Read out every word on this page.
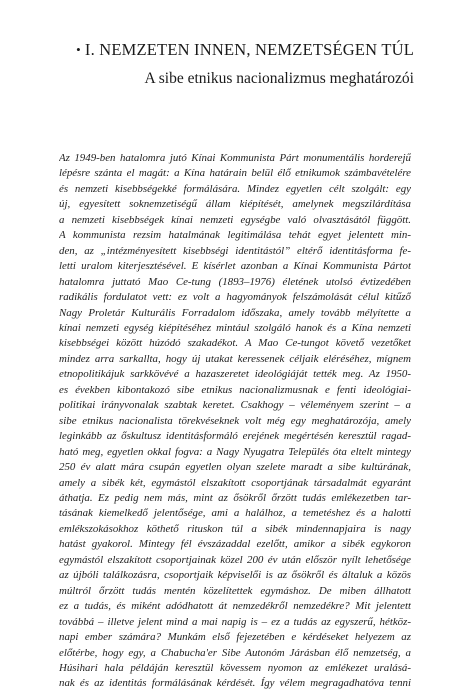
• I. NEMZETEN INNEN, NEMZETSÉGEN TÚL
A sibe etnikus nacionalizmus meghatározói
Az 1949-ben hatalomra jutó Kínai Kommunista Párt monumentális horderejű
lépésre szánta el magát: a Kína határain belül élő etnikumok számbavételére
és nemzeti kisebbségekké formálására. Mindez egyetlen célt szolgált: egy
új, egyesített soknemzetiségű állam kiépítését, amelynek megszilárdítása
a nemzeti kisebbségek kínai nemzeti egységbe való olvasztásától függött.
A kommunista rezsim hatalmának legitimálása tehát egyet jelentett min-
den, az „intézményesített kisebbségi identitástól” eltérő identitásforma fe-
letti uralom kiterjesztésével. E kísérlet azonban a Kínai Kommunista Pártot
hatalomra juttató Mao Ce-tung (1893–1976) életének utolsó évtizedében
radikális fordulatot vett: ez volt a hagyományok felszámolását célul kitűző
Nagy Proletár Kulturális Forradalom időszaka, amely tovább mélyítette a
kínai nemzeti egység kiépítéséhez mintául szolgáló hanok és a Kína nemzeti
kisebbségei között húzódó szakadékot. A Mao Ce-tungot követő vezetőket
mindez arra sarkallta, hogy új utakat keressenek céljaik eléréséhez, mígnem
etnopolitikájuk sarkkövévé a hazaszeretet ideológiáját tették meg. Az 1950-
es években kibontakozó sibe etnikus nacionalizmusnak e fenti ideológiai-
politikai irányvonalak szabtak keretet. Csakhogy – véleményem szerint – a
sibe etnikus nacionalista törekvéseknek volt még egy meghatározója, amely
leginkább az őskultusz identitásformáló erejének megértésén keresztül ragad-
ható meg, egyetlen okkal fogva: a Nagy Nyugatra Település óta eltelt mintegy
250 év alatt mára csupán egyetlen olyan szelete maradt a sibe kultúrának,
amely a sibék két, egymástól elszakított csoportjának társadalmát egyaránt
áthatja. Ez pedig nem más, mint az ősökről őrzött tudás emlékezetben tar-
tásának kiemelkedő jelentősége, ami a halálhoz, a temetéshez és a halotti
emlékszokásokhoz köthető rituskon túl a sibék mindennapjaira is nagy
hatást gyakorol. Mintegy fél évszázaddal ezelőtt, amikor a sibék egykoron
egymástól elszakított csoportjainak közel 200 év után először nyílt lehetősége
az újbóli találkozásra, csoportjaik képviselői is az ősökről és általuk a közös
múltról őrzött tudás mentén közelítettek egymáshoz. De miben állhatott
ez a tudás, és miként adódhatott át nemzedékről nemzedékre? Mit jelentett
továbbá – illetve jelent mind a mai napig is – ez a tudás az egyszerű, hétköz-
napi ember számára? Munkám első fejezetében e kérdéseket helyezem az
előtérbe, hogy egy, a Chabucha'er Sibe Autonóm Járásban élő nemzetség, a
Húsihari hala példáján keresztül kövessem nyomon az emlékezet uralásá-
nak és az identitás formálásának kérdését. Így vélem megragadhatóva tenni
